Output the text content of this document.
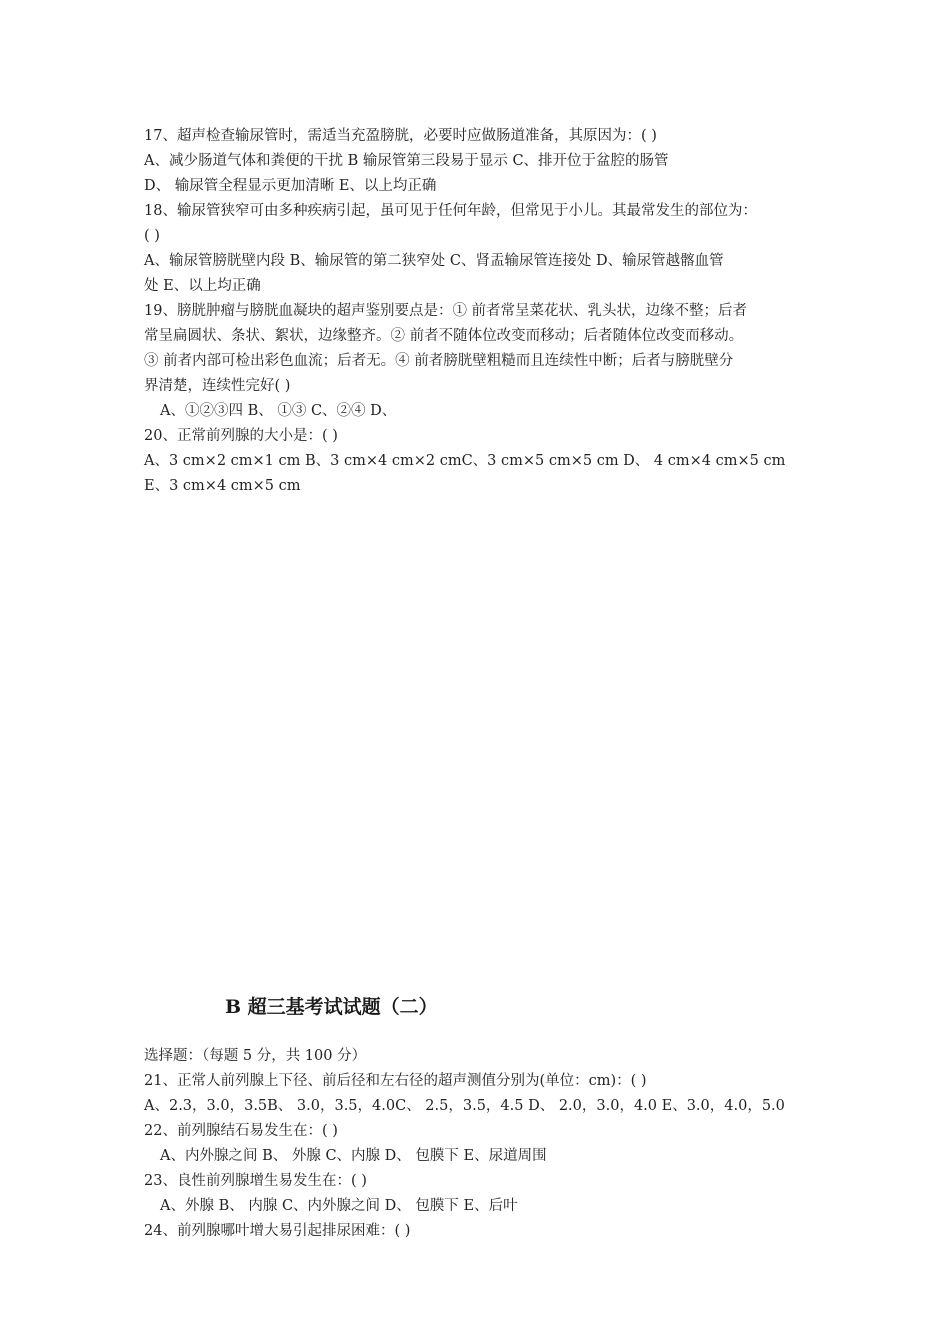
17、超声检查输尿管时，需适当充盈膀胱，必要时应做肠道准备，其原因为：( )
A、减少肠道气体和粪便的干扰 B 输尿管第三段易于显示 C、排开位于盆腔的肠管
D、 输尿管全程显示更加清晰 E、以上均正确
18、输尿管狭窄可由多种疾病引起，虽可见于任何年龄，但常见于小儿。其最常发生的部位为：
( )
A、输尿管膀胱壁内段 B、输尿管的第二狭窄处 C、肾盂输尿管连接处 D、输尿管越髂血管
处 E、以上均正确
19、膀胱肿瘤与膀胱血凝块的超声鉴别要点是：① 前者常呈菜花状、乳头状，边缘不整；后者
常呈扁圆状、条状、絮状，边缘整齐。② 前者不随体位改变而移动；后者随体位改变而移动。
③ 前者内部可检出彩色血流；后者无。④ 前者膀胱壁粗糙而且连续性中断；后者与膀胱壁分
界清楚，连续性完好( )
A、①②③四 B、 ①③ C、②④ D、
20、正常前列腺的大小是：( )
A、3 cm×2 cm×1 cm B、3 cm×4 cm×2 cmC、3 cm×5 cm×5 cm D、 4 cm×4 cm×5 cm
E、3 cm×4 cm×5 cm
B 超三基考试试题（二）
选择题：（每题 5 分，共 100 分）
21、正常人前列腺上下径、前后径和左右径的超声测值分别为(单位：cm)：( )
A、2.3，3.0，3.5B、 3.0，3.5，4.0C、 2.5，3.5，4.5 D、 2.0，3.0，4.0 E、3.0，4.0，5.0
22、前列腺结石易发生在：( )
A、内外腺之间 B、 外腺 C、内腺 D、 包膜下 E、尿道周围
23、良性前列腺增生易发生在：( )
A、外腺 B、 内腺 C、内外腺之间 D、 包膜下 E、后叶
24、前列腺哪叶增大易引起排尿困难：( )
